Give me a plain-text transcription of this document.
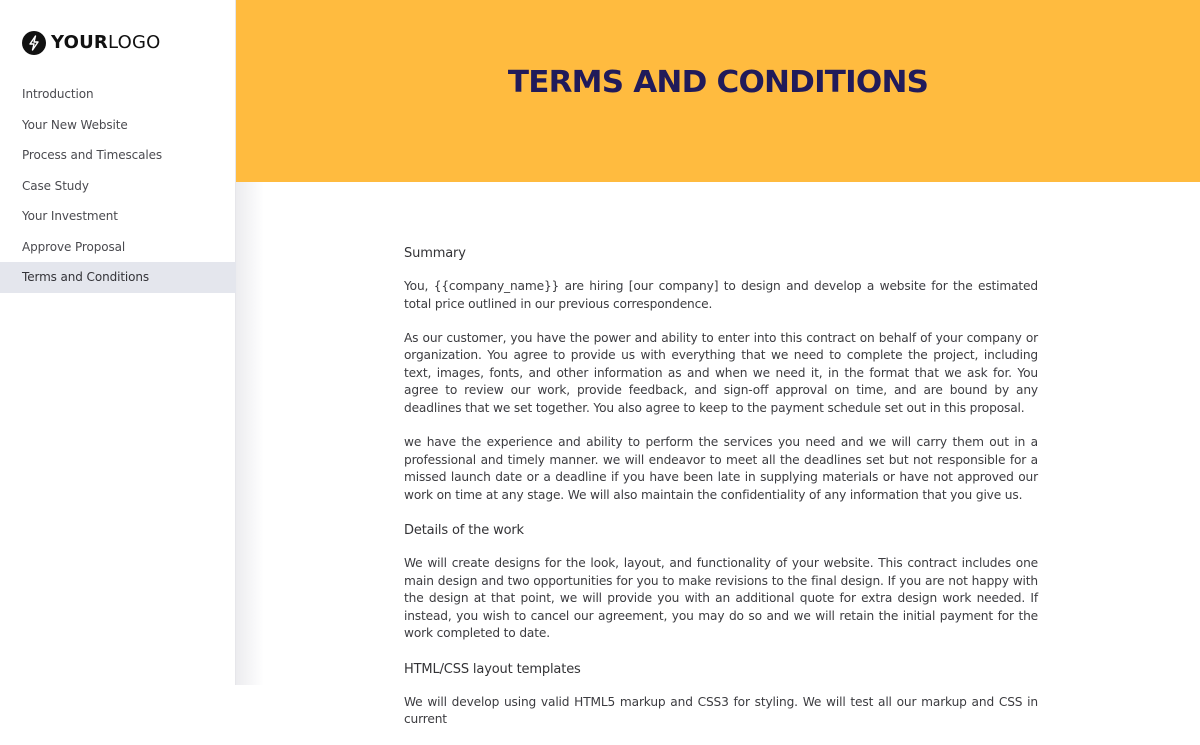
YOURLOGO
Introduction
Your New Website
Process and Timescales
Case Study
Your Investment
Approve Proposal
Terms and Conditions
TERMS AND CONDITIONS
Summary

You, {{company_name}} are hiring [our company] to design and develop a website for the estimated total price outlined in our previous correspondence.

As our customer, you have the power and ability to enter into this contract on behalf of your company or organization. You agree to provide us with everything that we need to complete the project, including text, images, fonts, and other information as and when we need it, in the format that we ask for. You agree to review our work, provide feedback, and sign-off approval on time, and are bound by any deadlines that we set together. You also agree to keep to the payment schedule set out in this proposal.

we have the experience and ability to perform the services you need and we will carry them out in a professional and timely manner. we will endeavor to meet all the deadlines set but not responsible for a missed launch date or a deadline if you have been late in supplying materials or have not approved our work on time at any stage. We will also maintain the confidentiality of any information that you give us.

Details of the work

We will create designs for the look, layout, and functionality of your website. This contract includes one main design and two opportunities for you to make revisions to the final design. If you are not happy with the design at that point, we will provide you with an additional quote for extra design work needed. If instead, you wish to cancel our agreement, you may do so and we will retain the initial payment for the work completed to date.

HTML/CSS layout templates

We will develop using valid HTML5 markup and CSS3 for styling. We will test all our markup and CSS in current
